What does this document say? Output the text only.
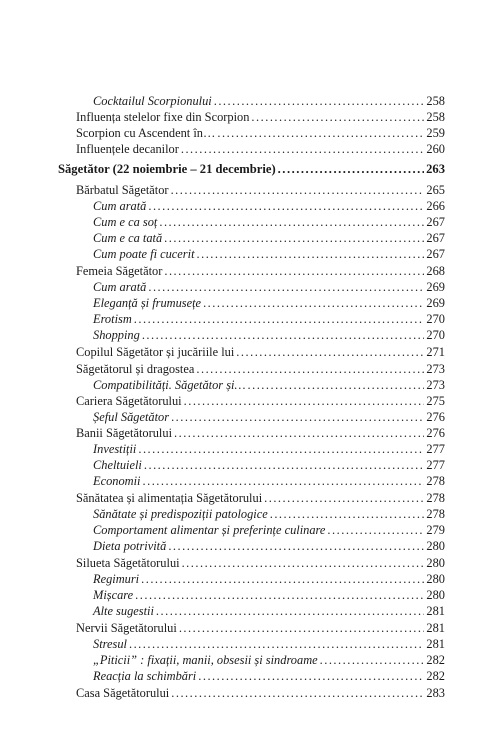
Cocktailul Scorpionului .....	258
Influența stelelor fixe din Scorpion .....	258
Scorpion cu Ascendent în… .....	259
Influențele decanilor .....	260
Săgetător (22 noiembrie – 21 decembrie) .....	263
Bărbatul Săgetător .....	265
Cum arată .....	266
Cum e ca soț .....	267
Cum e ca tată .....	267
Cum poate fi cucerit .....	267
Femeia Săgetător .....	268
Cum arată .....	269
Eleganță și frumusețe .....	269
Erotism .....	270
Shopping .....	270
Copilul Săgetător și jucăriile lui .....	271
Săgetătorul și dragostea .....	273
Compatibilități. Săgetător și… .....	273
Cariera Săgetătorului .....	275
Șeful Săgetător .....	276
Banii Săgetătorului .....	276
Investiții .....	277
Cheltuieli .....	277
Economii .....	278
Sănătatea și alimentația Săgetătorului .....	278
Sănătate și predispoziții patologice .....	278
Comportament alimentar și preferințe culinare .....	279
Dieta potrivită .....	280
Silueta Săgetătorului .....	280
Regimuri .....	280
Mișcare .....	280
Alte sugestii .....	281
Nervii Săgetătorului .....	281
Stresul .....	281
„Piticii” : fixații, manii, obsesii și sindroame .....	282
Reacția la schimbări .....	282
Casa Săgetătorului .....	283
